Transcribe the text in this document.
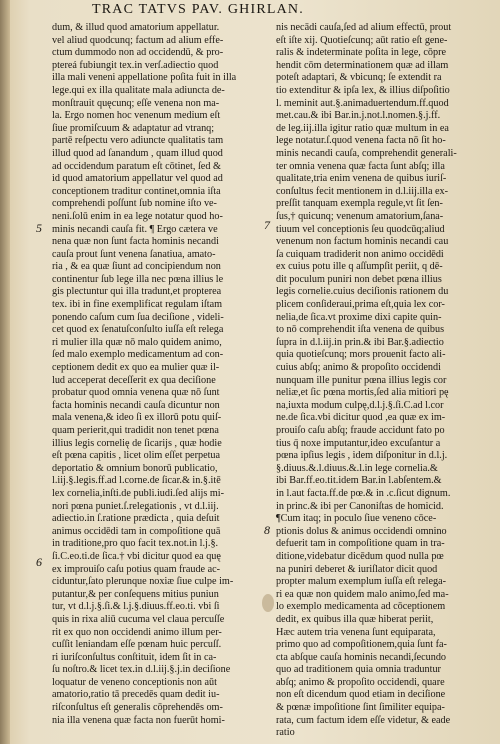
TRAC TATVS PAV. GHIRLAN.
dum, & illud quod amatorium appellatur.
vel aliud quodcunq; factum ad alium effe-
ctum dummodo non ad occidendū, & pro-
ptereá fubiungit tex.in verſ.adiectio quod
illa mali veneni appellatione poſita fuit in illa
lege.qui ex illa qualitate mala adiuncta de-
monſtrauit quęcunq; eſſe venena non ma-
la. Ergo nomen hoc venenum medium eſt
ſiue promiſcuum & adaptatur ad vtranq;
partē reſpectu vero adiuncte qualitatis tam
illud quod ad ſanandum , quam illud quod
ad occidendum paratum eſt cōtinet, ſed &
id quod amatorium appellatur vel quod ad
conceptionem traditur continet,omnia iſta
comprehendi poſſunt ſub nomine iſto ve-
neni.ſolū enim in ea lege notatur quod ho-
minis necandi cauſa fit. ¶ Ergo cætera ve
nena quæ non ſunt facta hominis necandi
cauſa prout ſunt venena ſanatiua, amato-
ria , & ea quæ ſiunt ad concipiendum non
continentur ſub lege illa nec pœna illius le
gis plectuntur qui illa tradunt,et propterea
tex. ibi in fine exemplificat regulam iſtam
ponendo caſum cum ſua deciſione , videli-
cet quod ex ſenatuſconſulto iuſſa eſt relega
ri mulier illa quæ nō malo quidem animo,
ſed malo exemplo medicamentum ad con-
ceptionem dedit ex quo ea mulier quæ il-
lud acceperat deceſſerit ex qua deciſione
probatur quod omnia venena quæ nō ſunt
facta hominis necandi cauſa dicuntur non
mala venena,& ideo ſi ex illorū potu quiſ-
quam perierit,qui tradidit non tenet pœna
illius legis cornelię de ſicarijs , quæ hodie
eſt pœna capitis , licet olim eſſet perpetua
deportatio & omnium bonorū publicatio,
l.iij.§.legis.ff.ad l.corne.de ſicar.& in.§.itē
lex cornelia,inſti.de publi.iudi.ſed alijs mi-
nori pœna puniet.ſ.relegationis , vt d.l.iij.
adiectio.in ſ.ratione prædicta , quia deſuit
animus occidēdi tam in compoſitione quā
in traditione,pro quo facit tex.not.in l.j.§.
ſi.C.eo.ti.de ſica.† vbi dicitur quod ea quę
ex improuiſo caſu potius quam fraude ac-
ciduntur,ſato plerunque noxiæ ſiue culpe im-
putantur,& per conſequens mitius puniun
tur, vt d.l.j.§.ſi.& l.j.§.diuus.ff.eo.ti. vbi ſi
quis in rixa aliū cucuma vel claua percuſſe
rit ex quo non occidendi animo illum per-
cuſſit leniandam eſſe pœnam huic percuſſ.
ri iuriſconſultus conſtituit, idem ſit in ca-
ſu noſtro.& licet tex.in d.l.iij.§.j.in deciſione
loquatur de veneno conceptionis non aūt
amatorio,ratio tā precedēs quam dedit iu-
riſconſultus eſt generalis cōprehendēs om-
nia illa venena quæ facta non fuerūt homi-
nis necādi cauſa,ſed ad alium effectū, prout
eſt iſte xij. Quotieſcunq; aūt ratio eſt gene-
ralis & indeterminate poſita in lege, cōpre
hendit cōm determinationem quæ ad illam
poteſt adaptari, & vbicunq; ſe extendit ra
tio extenditur & ipſa lex, & illius diſpoſitio
l. meminit aut.§.animaduertendum.ff.quod
met.cau.& ibi Bar.in.j.not.l.nomen.§.j.ff.
de leg.iij.illa igitur ratio quæ multum in ea
lege notatur.ſ.quod venena facta nō ſit ho-
minis necandi cauſa, comprehendit generali-
ter omnia venena quæ facta ſunt abſq; illa
qualitate,tria enim venena de quibus iuriſ-
conſultus fecit mentionem in d.l.iij.illa ex-
preſſit tanquam exempla regule,vt ſit ſen-
ſus,† quicunq; venenum amatorium,ſana-
tiuum vel conceptionis ſeu quodcūq;aliud
venenum non factum hominis necandi cau
ſa cuiquam tradiderit non animo occidēdi
ex cuius potu ille q aſſumpſit periit, q dē-
dit poculum puniri non debet pœna illius
legis cornelie.cuius deciſionis rationem du
plicem conſideraui,prima eſt,quia lex cor-
nelia,de ſica.vt proxime dixi capite quin-
to nō comprehendit iſta venena de quibus
ſupra in d.l.iij.in prin.& ibi Bar.§.adiectio
quia quotieſcunq; mors prouenit facto ali-
cuius abſq; animo & propoſito occidendi
nunquam ille punitur pœna illius legis cor
neliæ,et ſic pœna mortis,ſed alia mitiori pę
na,iuxta modum culpę,d.l.j.§.ſi.C.ad l.cor
ne.de ſica.vbi dicitur quod ,ea quæ ex im-
prouiſo caſu abſq; fraude accidunt fato po
tius q̄ noxe imputantur,ideo excuſantur a
pœna ipſius legis , idem diſponitur in d.l.j.
§.diuus.&.l.diuus.&.l.in lege cornelia.&
ibi Bar.ff.eo.tit.idem Bar.in l.abſentem.&
in l.aut facta.ff.de pœ.& in .c.ſicut dignum.
in princ.& ibi per Canoniſtas de homicid.
¶Cum itaq; in poculo ſiue veneno cōce-
ptionis dolus & animus occidendi omnino
defuerit tam in compoſitione quam in tra-
ditione,videbatur dicēdum quod nulla pœ
na puniri deberet & iuriſlator dicit quod
propter malum exemplum iuſſa eſt relega-
ri ea quæ non quidem malo animo,ſed ma-
lo exemplo medicamenta ad cōceptionem
dedit, ex quibus illa quæ hiberat periit,
Hæc autem tria venena ſunt equiparata,
primo quo ad compoſitionem,quia ſunt fa-
cta abſque cauſa hominis necandi,ſecundo
quo ad traditionem quia omnia traduntur
abſq; animo & propoſito occidendi, quare
non eſt dicendum quod etiam in deciſione
& pœnæ impoſitione ſint ſimiliter equipa-
rata, cum factum idem eſſe videtur, & eade
ratio
5
6
7
8
